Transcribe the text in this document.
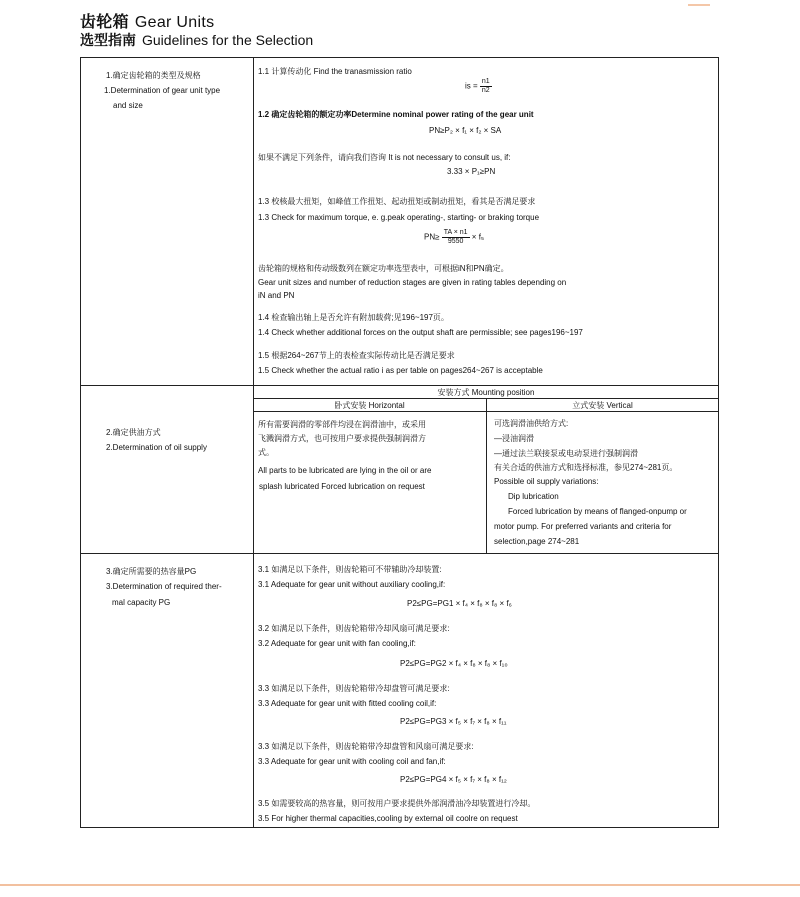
齿轮箱 Gear Units
选型指南 Guidelines for the Selection
1.确定齿轮箱的类型及规格
1.Determination of gear unit type
and size
2.确定供油方式
2.Determination of oil supply
3.确定所需要的热容量PG
3.Determination of required ther-
mal capacity PG
1.1 计算传动化 Find the tranasmission ratio
is = $\frac{n1}{n2}$
1.2 确定齿轮箱的额定功率Determine nominal power rating of the gear unit
PN≥P₂ × f₁ × f₂ × SA
如果不满足下列条件，请向我们咨询 It is not necessary to consult us, if:
3.33 × P₁≥PN
1.3 校核最大扭矩，如峰值工作扭矩、起动扭矩或制动扭矩，看其是否满足要求
1.3 Check for maximum torque, e. g.peak operating-, starting- or braking torque
$PN\ge \frac{TA \times n1}{9550} \times f_5$
齿轮箱的规格和传动级数列在额定功率选型表中，可根据iN和PN确定。
Gear unit sizes and number of reduction stages are given in rating tables depending on
iN and PN
1.4 检查输出轴上是否允许有附加载荷;见196~197页。
1.4 Check whether additional forces on the output shaft are permissible; see pages196~197
1.5 根据264~267节上的表检查实际传动比是否满足要求
1.5 Check whether the actual ratio i as per table on pages264~267 is acceptable
安装方式 Mounting position
卧式安装 Horizontal	立式安装 Vertical
所有需要润滑的零部件均浸在润滑油中，或采用
飞溅润滑方式，也可按用户要求提供强制润滑方
式。
All parts to be lubricated are lying in the oil or are
splash lubricated Forced lubrication on request
可选润滑油供给方式:
—浸油润滑
—通过法兰联接泵或电动泵进行强制润滑
有关合适的供油方式和选择标准，参见274~281页。
Possible oil supply variations:
Dip lubrication
Forced lubrication by means of flanged-onpump or
motor pump. For preferred variants and criteria for
selection,page 274~281
3.1 如满足以下条件，则齿轮箱可不带辅助冷却装置:
3.1 Adequate for gear unit without auxiliary cooling,if:
P2≤PG=PG1 × f₄ × f₈ × f₈ × f₆
3.2 如满足以下条件，则齿轮箱带冷却风扇可满足要求:
3.2 Adequate for gear unit with fan cooling,if:
P2≤PG=PG2 × f₄ × f₈ × f₈ × f₁₀
3.3 如满足以下条件，则齿轮箱带冷却盘管可满足要求:
3.3 Adequate for gear unit with fitted cooling coil,if:
P2≤PG=PG3 × f₅ × f₇ × f₈ × f₁₁
3.3 如满足以下条件，则齿轮箱带冷却盘管和风扇可满足要求:
3.3 Adequate for gear unit with cooling coil and fan,if:
P2≤PG=PG4 × f₅ × f₇ × f₈ × f₁₂
3.5 如需要较高的热容量，则可按用户要求提供外部润滑油冷却装置进行冷却。
3.5 For higher thermal capacities,cooling by external oil coolre on request
